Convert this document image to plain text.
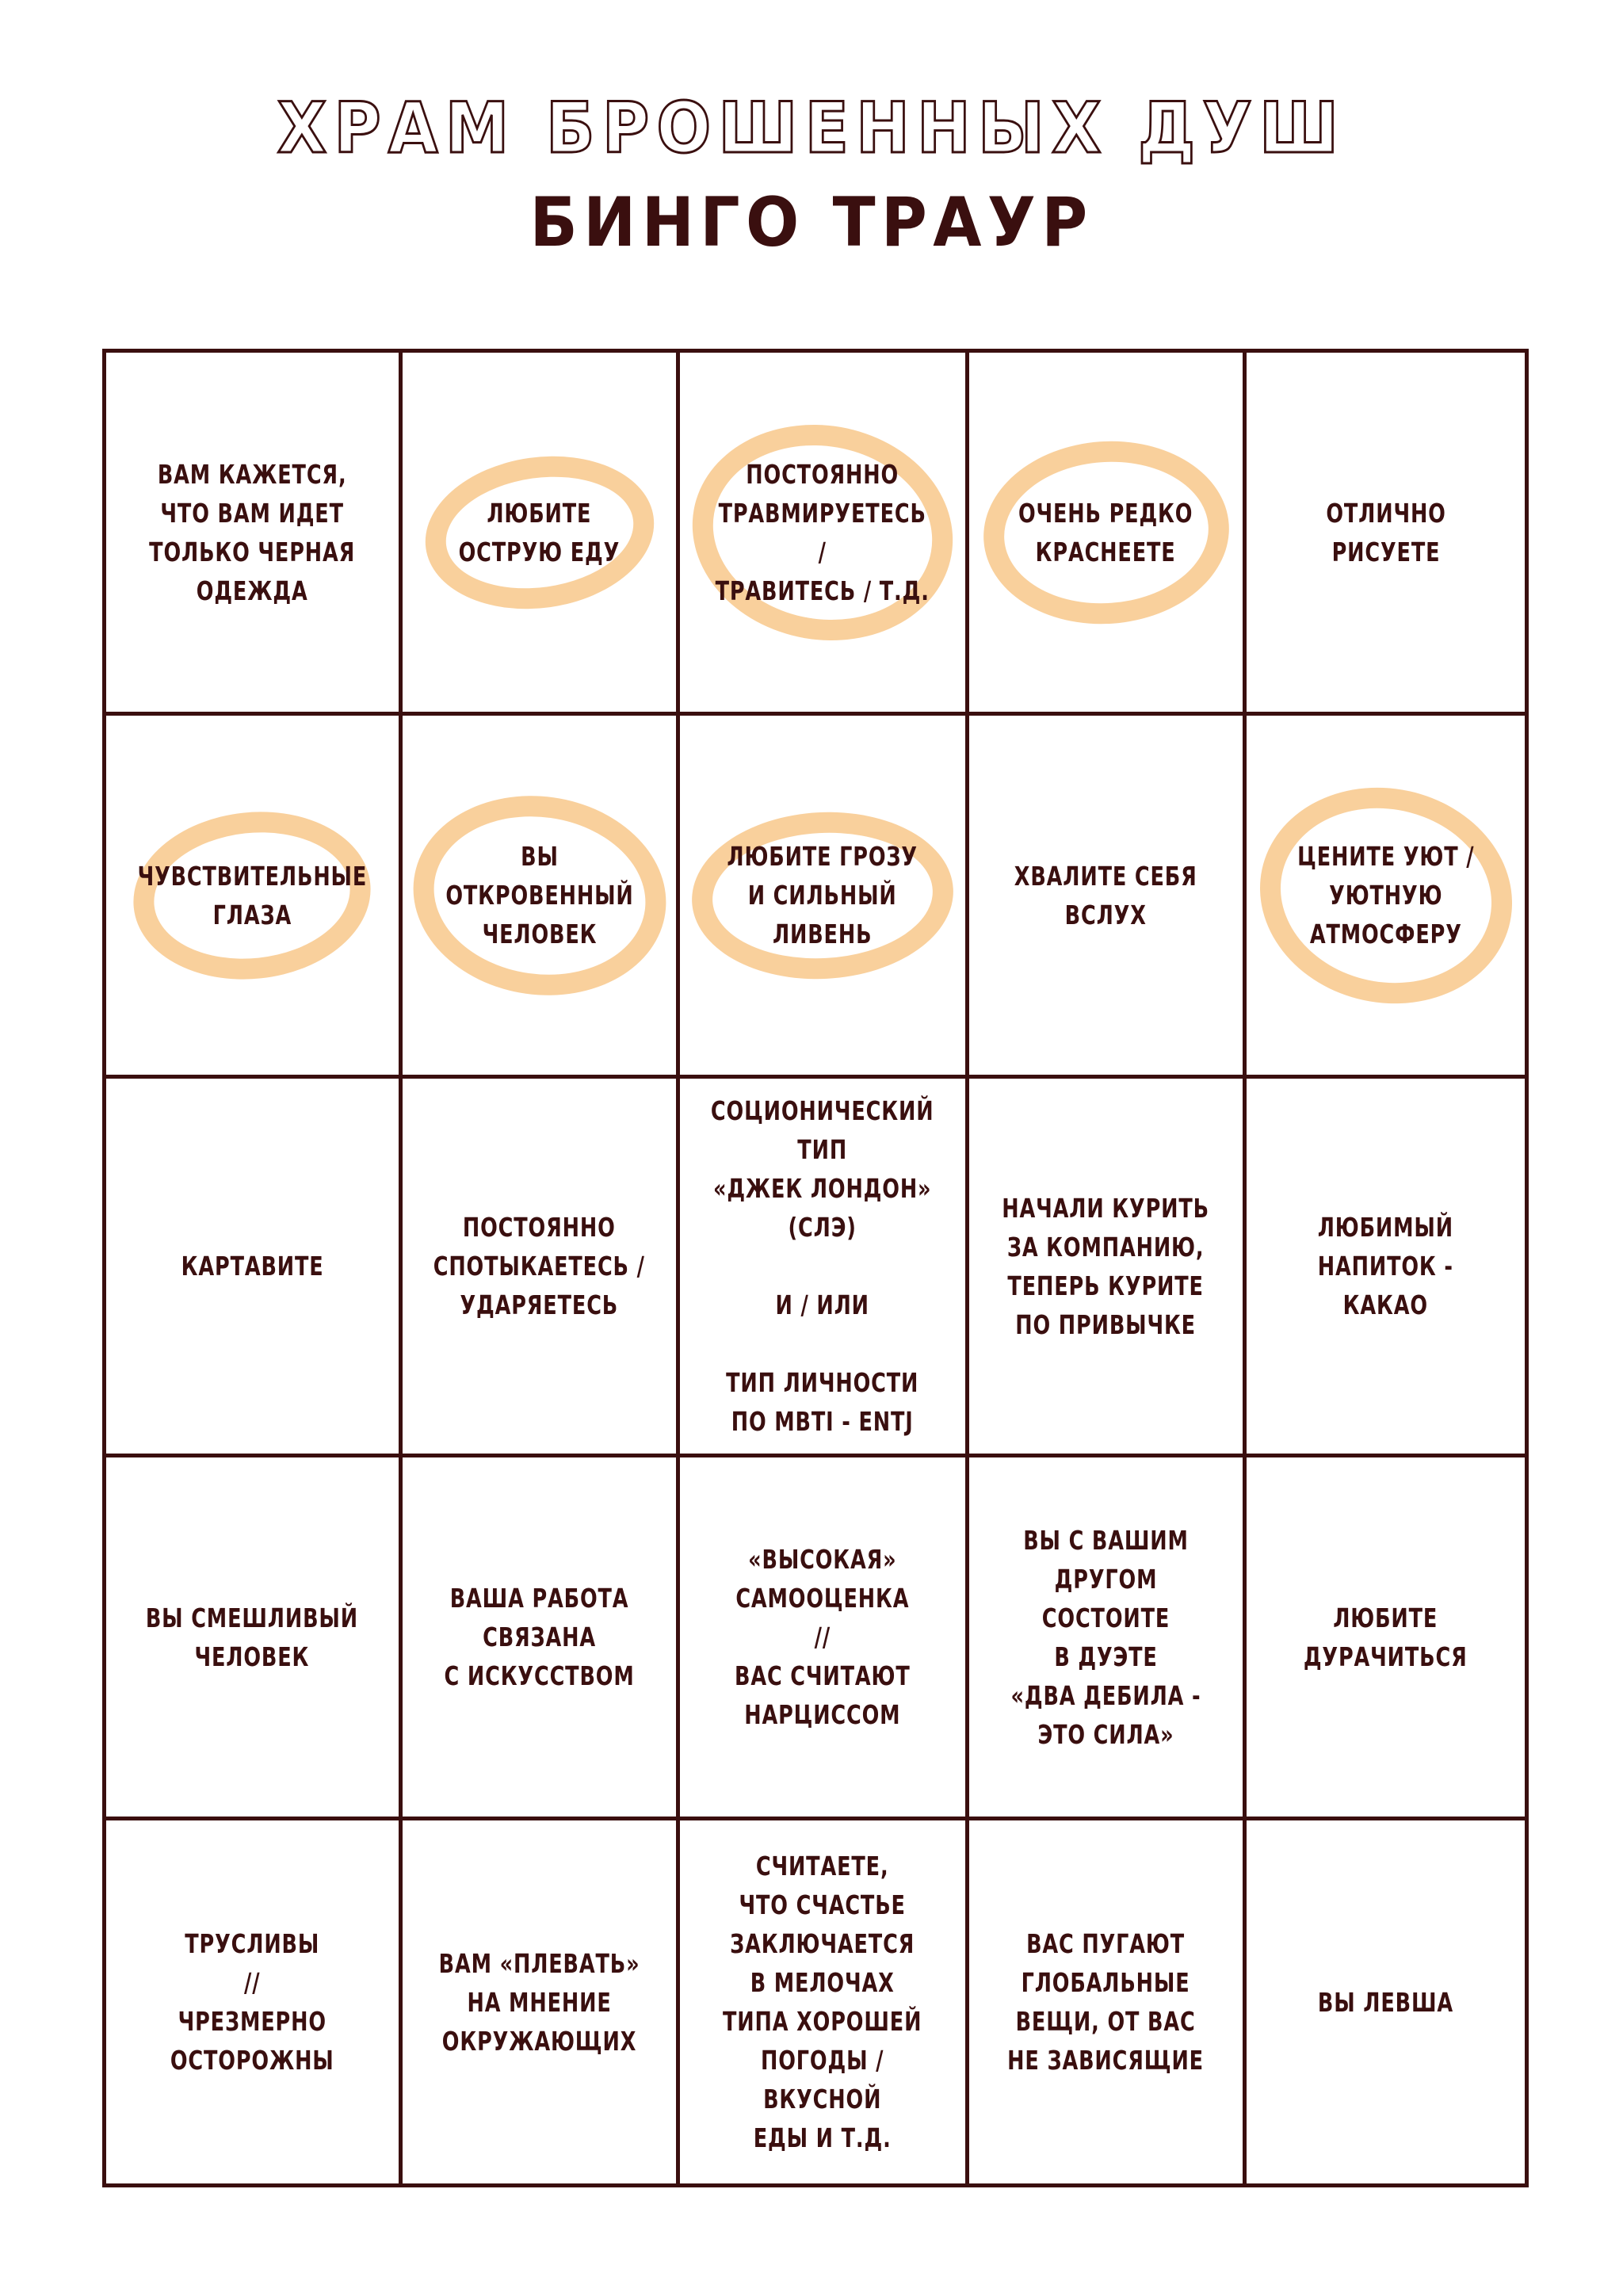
ХРАМ БРОШЕННЫХ ДУШ
БИНГО ТРАУР
ВАМ КАЖЕТСЯ,
ЧТО ВАМ ИДЕТ
ТОЛЬКО ЧЕРНАЯ
ОДЕЖДА
ЛЮБИТЕ
ОСТРУЮ ЕДУ
ПОСТОЯННО
ТРАВМИРУЕТЕСЬ /
ТРАВИТЕСЬ / Т.Д.
ОЧЕНЬ РЕДКО
КРАСНЕЕТЕ
ОТЛИЧНО
РИСУЕТЕ
ЧУВСТВИТЕЛЬНЫЕ
ГЛАЗА
ВЫ
ОТКРОВЕННЫЙ
ЧЕЛОВЕК
ЛЮБИТЕ ГРОЗУ
И СИЛЬНЫЙ ЛИВЕНЬ
ХВАЛИТЕ СЕБЯ
ВСЛУХ
ЦЕНИТЕ УЮТ /
УЮТНУЮ
АТМОСФЕРУ
КАРТАВИТЕ
ПОСТОЯННО
СПОТЫКАЕТЕСЬ /
УДАРЯЕТЕСЬ
СОЦИОНИЧЕСКИЙ ТИП
«ДЖЕК ЛОНДОН»
(СЛЭ)

И / ИЛИ

ТИП ЛИЧНОСТИ
ПО MBTI - ENTJ
НАЧАЛИ КУРИТЬ
ЗА КОМПАНИЮ,
ТЕПЕРЬ КУРИТЕ
ПО ПРИВЫЧКЕ
ЛЮБИМЫЙ
НАПИТОК - КАКАО
ВЫ СМЕШЛИВЫЙ
ЧЕЛОВЕК
ВАША РАБОТА
СВЯЗАНА
С ИСКУССТВОМ
«ВЫСОКАЯ»
САМООЦЕНКА
//
ВАС СЧИТАЮТ
НАРЦИССОМ
ВЫ С ВАШИМ
ДРУГОМ
СОСТОИТЕ
В ДУЭТЕ
«ДВА ДЕБИЛА -
ЭТО СИЛА»
ЛЮБИТЕ
ДУРАЧИТЬСЯ
ТРУСЛИВЫ
//
ЧРЕЗМЕРНО
ОСТОРОЖНЫ
ВАМ «ПЛЕВАТЬ»
НА МНЕНИЕ
ОКРУЖАЮЩИХ
СЧИТАЕТЕ,
ЧТО СЧАСТЬЕ
ЗАКЛЮЧАЕТСЯ
В МЕЛОЧАХ
ТИПА ХОРОШЕЙ
ПОГОДЫ / ВКУСНОЙ
ЕДЫ И Т.Д.
ВАС ПУГАЮТ
ГЛОБАЛЬНЫЕ
ВЕЩИ, ОТ ВАС
НЕ ЗАВИСЯЩИЕ
ВЫ ЛЕВША
